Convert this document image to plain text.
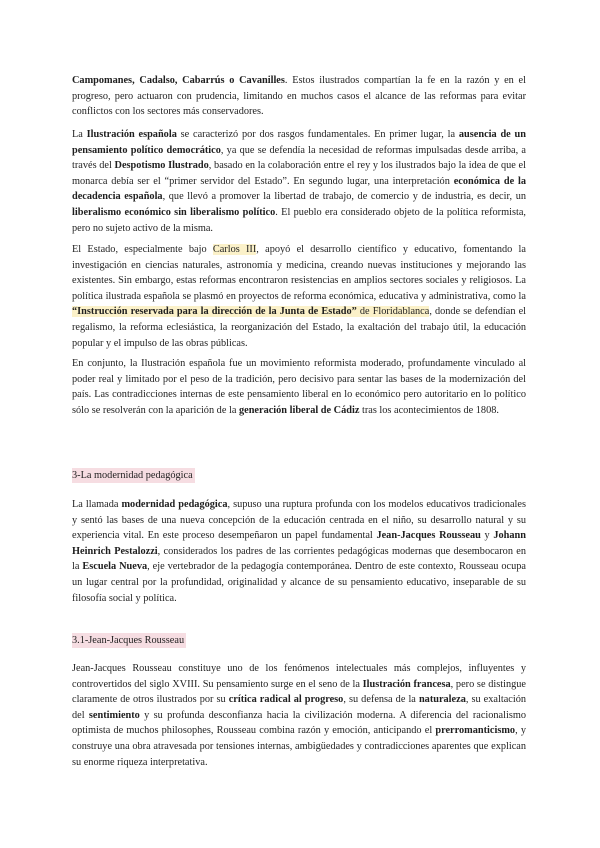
Campomanes, Cadalso, Cabarrús o Cavanilles. Estos ilustrados compartían la fe en la razón y en el progreso, pero actuaron con prudencia, limitando en muchos casos el alcance de las reformas para evitar conflictos con los sectores más conservadores.

La Ilustración española se caracterizó por dos rasgos fundamentales. En primer lugar, la ausencia de un pensamiento político democrático, ya que se defendía la necesidad de reformas impulsadas desde arriba, a través del Despotismo Ilustrado, basado en la colaboración entre el rey y los ilustrados bajo la idea de que el monarca debía ser el “primer servidor del Estado”. En segundo lugar, una interpretación económica de la decadencia española, que llevó a promover la libertad de trabajo, de comercio y de industria, es decir, un liberalismo económico sin liberalismo político. El pueblo era considerado objeto de la política reformista, pero no sujeto activo de la misma.

El Estado, especialmente bajo Carlos III, apoyó el desarrollo científico y educativo, fomentando la investigación en ciencias naturales, astronomía y medicina, creando nuevas instituciones y mejorando las existentes. Sin embargo, estas reformas encontraron resistencias en amplios sectores sociales y religiosos. La política ilustrada española se plasmó en proyectos de reforma económica, educativa y administrativa, como la “Instrucción reservada para la dirección de la Junta de Estado” de Floridablanca, donde se defendían el regalismo, la reforma eclesiástica, la reorganización del Estado, la exaltación del trabajo útil, la educación popular y el impulso de las obras públicas.

En conjunto, la Ilustración española fue un movimiento reformista moderado, profundamente vinculado al poder real y limitado por el peso de la tradición, pero decisivo para sentar las bases de la modernización del país. Las contradicciones internas de este pensamiento liberal en lo económico pero autoritario en lo político sólo se resolverán con la aparición de la generación liberal de Cádiz tras los acontecimientos de 1808.

3-La modernidad pedagógica

La llamada modernidad pedagógica, supuso una ruptura profunda con los modelos educativos tradicionales y sentó las bases de una nueva concepción de la educación centrada en el niño, su desarrollo natural y su experiencia vital. En este proceso desempeñaron un papel fundamental Jean-Jacques Rousseau y Johann Heinrich Pestalozzi, considerados los padres de las corrientes pedagógicas modernas que desembocaron en la Escuela Nueva, eje vertebrador de la pedagogía contemporánea. Dentro de este contexto, Rousseau ocupa un lugar central por la profundidad, originalidad y alcance de su pensamiento educativo, inseparable de su filosofía social y política.

3.1-Jean-Jacques Rousseau

Jean-Jacques Rousseau constituye uno de los fenómenos intelectuales más complejos, influyentes y controvertidos del siglo XVIII. Su pensamiento surge en el seno de la Ilustración francesa, pero se distingue claramente de otros ilustrados por su crítica radical al progreso, su defensa de la naturaleza, su exaltación del sentimiento y su profunda desconfianza hacia la civilización moderna. A diferencia del racionalismo optimista de muchos philosophes, Rousseau combina razón y emoción, anticipando el prerromanticismo, y construye una obra atravesada por tensiones internas, ambigüedades y contradicciones aparentes que explican su enorme riqueza interpretativa.
